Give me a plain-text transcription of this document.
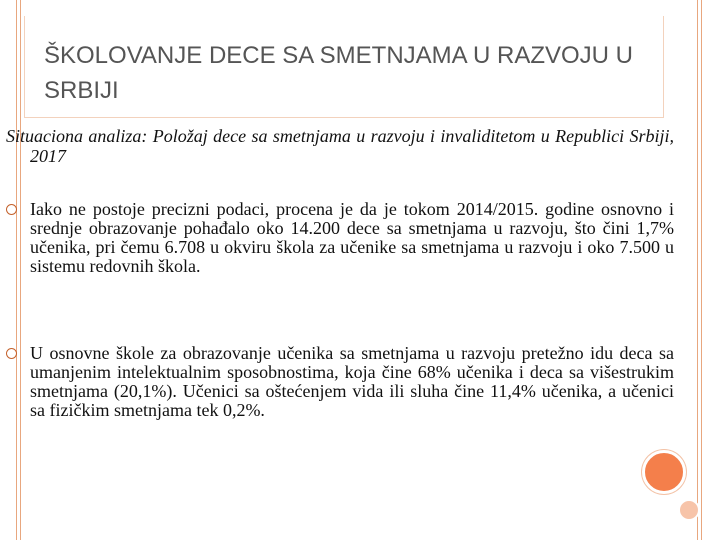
ŠKOLOVANJE DECE SA SMETNJAMA U RAZVOJU U SRBIJI

Situaciona analiza: Položaj dece sa smetnjama u razvoju i invaliditetom u Republici Srbiji, 2017

Iako ne postoje precizni podaci, procena je da je tokom 2014/2015. godine osnovno i srednje obrazovanje pohađalo oko 14.200 dece sa smetnjama u razvoju, što čini 1,7% učenika, pri čemu 6.708 u okviru škola za učenike sa smetnjama u razvoju i oko 7.500 u sistemu redovnih škola.

U osnovne škole za obrazovanje učenika sa smetnjama u razvoju pretežno idu deca sa umanjenim intelektualnim sposobnostima, koja čine 68% učenika i deca sa višestrukim smetnjama (20,1%). Učenici sa oštećenjem vida ili sluha čine 11,4% učenika, a učenici sa fizičkim smetnjama tek 0,2%.
